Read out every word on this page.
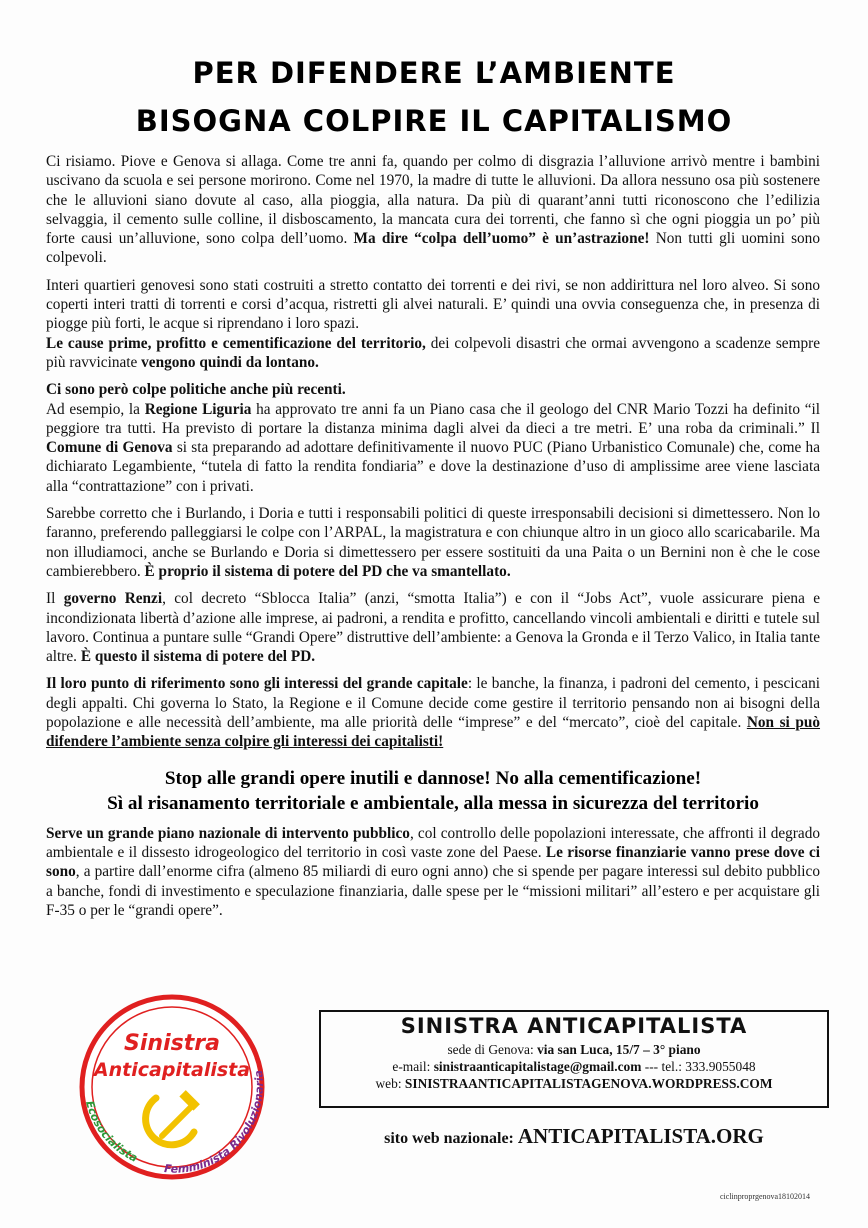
PER DIFENDERE L’AMBIENTE
BISOGNA COLPIRE IL CAPITALISMO

Ci risiamo. Piove e Genova si allaga. Come tre anni fa, quando per colmo di disgrazia l’alluvione arrivò mentre i bambini uscivano da scuola e sei persone morirono. Come nel 1970, la madre di tutte le alluvioni. Da allora nessuno osa più sostenere che le alluvioni siano dovute al caso, alla pioggia, alla natura. Da più di quarant’anni tutti riconoscono che l’edilizia selvaggia, il cemento sulle colline, il disboscamento, la mancata cura dei torrenti, che fanno sì che ogni pioggia un po’ più forte causi un’alluvione, sono colpa dell’uomo. Ma dire “colpa dell’uomo” è un’astrazione! Non tutti gli uomini sono colpevoli.

Interi quartieri genovesi sono stati costruiti a stretto contatto dei torrenti e dei rivi, se non addirittura nel loro alveo. Si sono coperti interi tratti di torrenti e corsi d’acqua, ristretti gli alvei naturali. E’ quindi una ovvia conseguenza che, in presenza di piogge più forti, le acque si riprendano i loro spazi.

Le cause prime, profitto e cementificazione del territorio, dei colpevoli disastri che ormai avvengono a scadenze sempre più ravvicinate vengono quindi da lontano.

Ci sono però colpe politiche anche più recenti.
Ad esempio, la Regione Liguria ha approvato tre anni fa un Piano casa che il geologo del CNR Mario Tozzi ha definito “il peggiore tra tutti. Ha previsto di portare la distanza minima dagli alvei da dieci a tre metri. E’ una roba da criminali.” Il Comune di Genova si sta preparando ad adottare definitivamente il nuovo PUC (Piano Urbanistico Comunale) che, come ha dichiarato Legambiente, “tutela di fatto la rendita fondiaria” e dove la destinazione d’uso di amplissime aree viene lasciata alla “contrattazione” con i privati.

Sarebbe corretto che i Burlando, i Doria e tutti i responsabili politici di queste irresponsabili decisioni si dimettessero. Non lo faranno, preferendo palleggiarsi le colpe con l’ARPAL, la magistratura e con chiunque altro in un gioco allo scaricabarile. Ma non illudiamoci, anche se Burlando e Doria si dimettessero per essere sostituiti da una Paita o un Bernini non è che le cose cambierebbero. È proprio il sistema di potere del PD che va smantellato.

Il governo Renzi, col decreto “Sblocca Italia” (anzi, “smotta Italia”) e con il “Jobs Act”, vuole assicurare piena e incondizionata libertà d’azione alle imprese, ai padroni, a rendita e profitto, cancellando vincoli ambientali e diritti e tutele sul lavoro. Continua a puntare sulle “Grandi Opere” distruttive dell’ambiente: a Genova la Gronda e il Terzo Valico, in Italia tante altre. È questo il sistema di potere del PD.

Il loro punto di riferimento sono gli interessi del grande capitale: le banche, la finanza, i padroni del cemento, i pescicani degli appalti. Chi governa lo Stato, la Regione e il Comune decide come gestire il territorio pensando non ai bisogni della popolazione e alle necessità dell’ambiente, ma alle priorità delle “imprese” e del “mercato”, cioè del capitale. Non si può difendere l’ambiente senza colpire gli interessi dei capitalisti!

Stop alle grandi opere inutili e dannose! No alla cementificazione!
Sì al risanamento territoriale e ambientale, alla messa in sicurezza del territorio

Serve un grande piano nazionale di intervento pubblico, col controllo delle popolazioni interessate, che affronti il degrado ambientale e il dissesto idrogeologico del territorio in così vaste zone del Paese. Le risorse finanziarie vanno prese dove ci sono, a partire dall’enorme cifra (almeno 85 miliardi di euro ogni anno) che si spende per pagare interessi sul debito pubblico a banche, fondi di investimento e speculazione finanziaria, dalle spese per le “missioni militari” all’estero e per acquistare gli F-35 o per le “grandi opere”.

Sinistra
Anticapitalista
Ecosocialista
Femminista Rivoluzionaria
SINISTRA ANTICAPITALISTA
sede di Genova: via san Luca, 15/7 – 3° piano
e-mail: sinistraanticapitalistage@gmail.com --- tel.: 333.9055048
web: SINISTRAANTICAPITALISTAGENOVA.WORDPRESS.COM
sito web nazionale: ANTICAPITALISTA.ORG
ciclinproprgenova18102014
